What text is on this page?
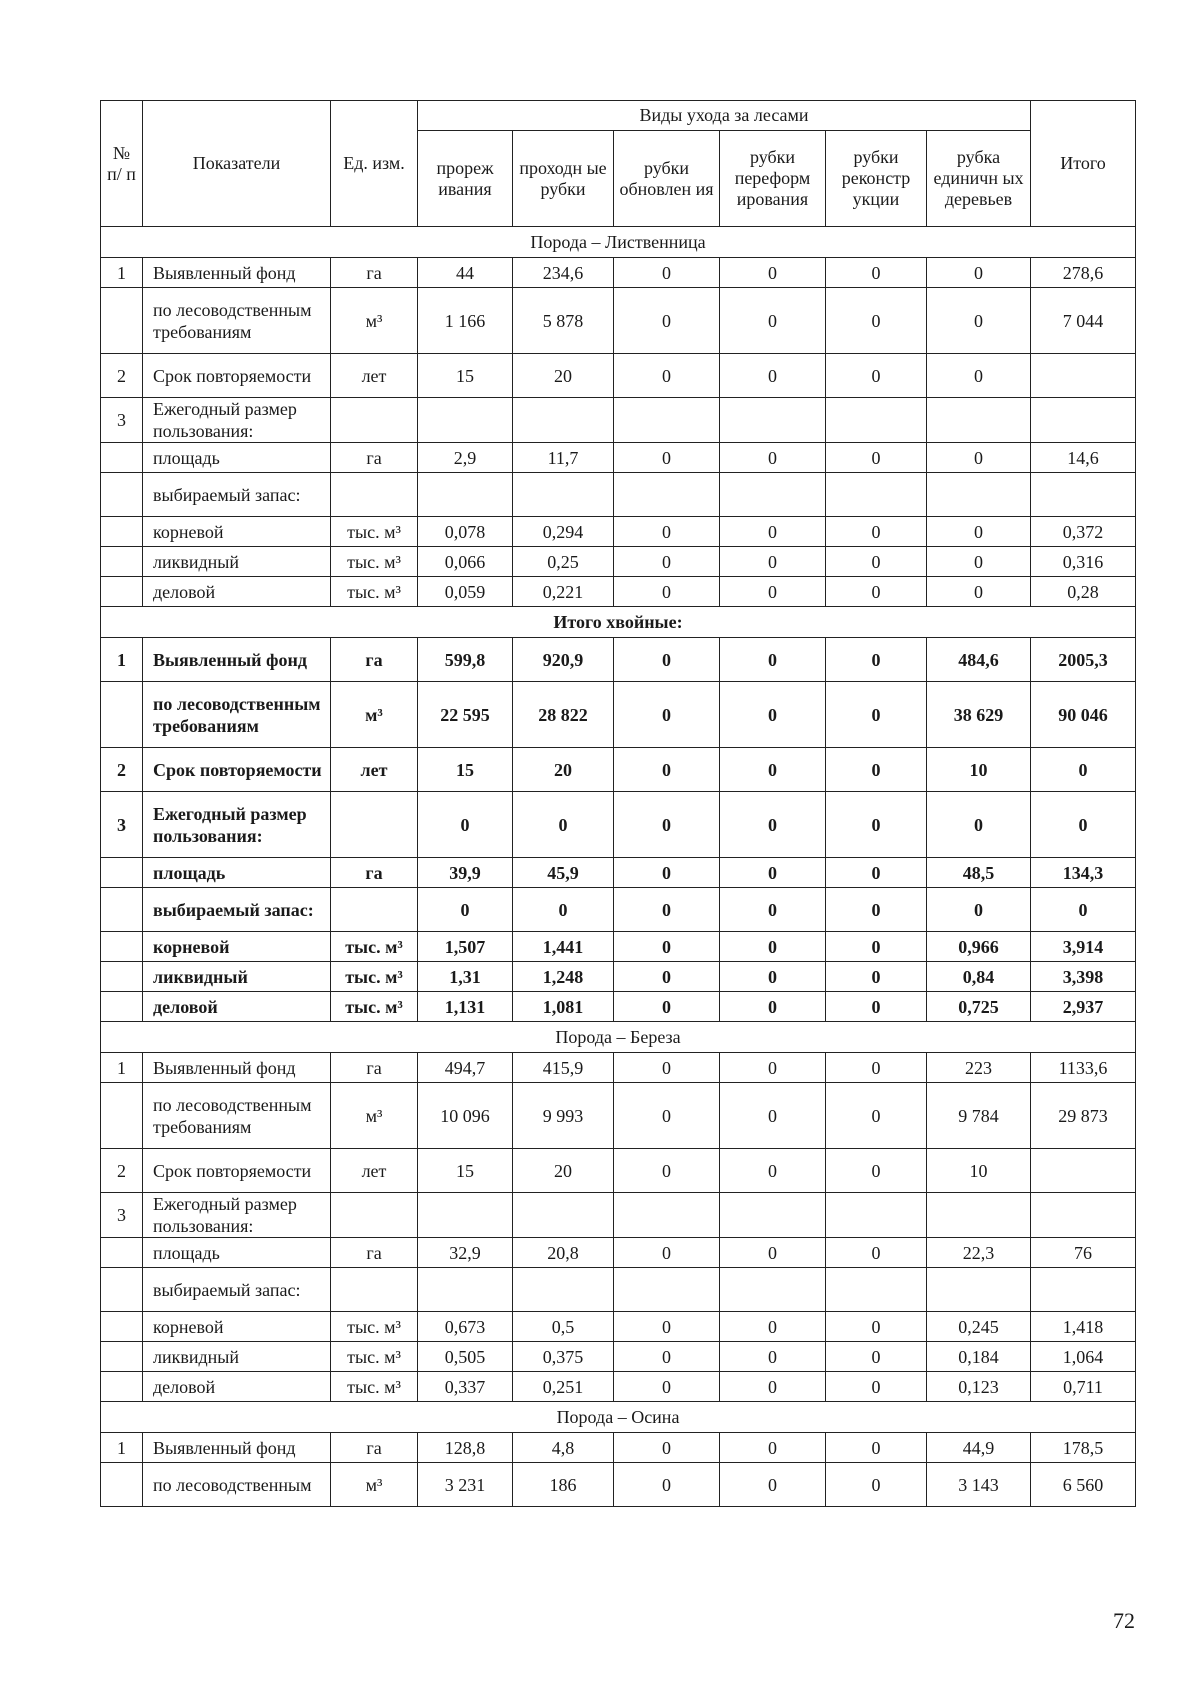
№ п/ п	Показатели	Ед. изм.	Виды ухода за лесами						Итого
			прореж ивания	проходн ые рубки	рубки обновлен ия	рубки переформ ирования	рубки реконстр укции	рубка единичн ых деревьев	
Порода – Лиственница									
1	Выявленный фонд	га	44	234,6	0	0	0	0	278,6
	по лесоводственным требованиям	м³	1 166	5 878	0	0	0	0	7 044
2	Срок повторяемости	лет	15	20	0	0	0	0	
3	Ежегодный размер пользования:								
	площадь	га	2,9	11,7	0	0	0	0	14,6
	выбираемый запас:								
	корневой	тыс. м³	0,078	0,294	0	0	0	0	0,372
	ликвидный	тыс. м³	0,066	0,25	0	0	0	0	0,316
	деловой	тыс. м³	0,059	0,221	0	0	0	0	0,28
Итого хвойные:									
1	Выявленный фонд	га	599,8	920,9	0	0	0	484,6	2005,3
	по лесоводственным требованиям	м³	22 595	28 822	0	0	0	38 629	90 046
2	Срок повторяемости	лет	15	20	0	0	0	10	0
3	Ежегодный размер пользования:		0	0	0	0	0	0	0
	площадь	га	39,9	45,9	0	0	0	48,5	134,3
	выбираемый запас:		0	0	0	0	0	0	0
	корневой	тыс. м³	1,507	1,441	0	0	0	0,966	3,914
	ликвидный	тыс. м³	1,31	1,248	0	0	0	0,84	3,398
	деловой	тыс. м³	1,131	1,081	0	0	0	0,725	2,937
Порода – Береза									
1	Выявленный фонд	га	494,7	415,9	0	0	0	223	1133,6
	по лесоводственным требованиям	м³	10 096	9 993	0	0	0	9 784	29 873
2	Срок повторяемости	лет	15	20	0	0	0	10	
3	Ежегодный размер пользования:								
	площадь	га	32,9	20,8	0	0	0	22,3	76
	выбираемый запас:								
	корневой	тыс. м³	0,673	0,5	0	0	0	0,245	1,418
	ликвидный	тыс. м³	0,505	0,375	0	0	0	0,184	1,064
	деловой	тыс. м³	0,337	0,251	0	0	0	0,123	0,711
Порода – Осина									
1	Выявленный фонд	га	128,8	4,8	0	0	0	44,9	178,5
	по лесоводственным	м³	3 231	186	0	0	0	3 143	6 560
72
